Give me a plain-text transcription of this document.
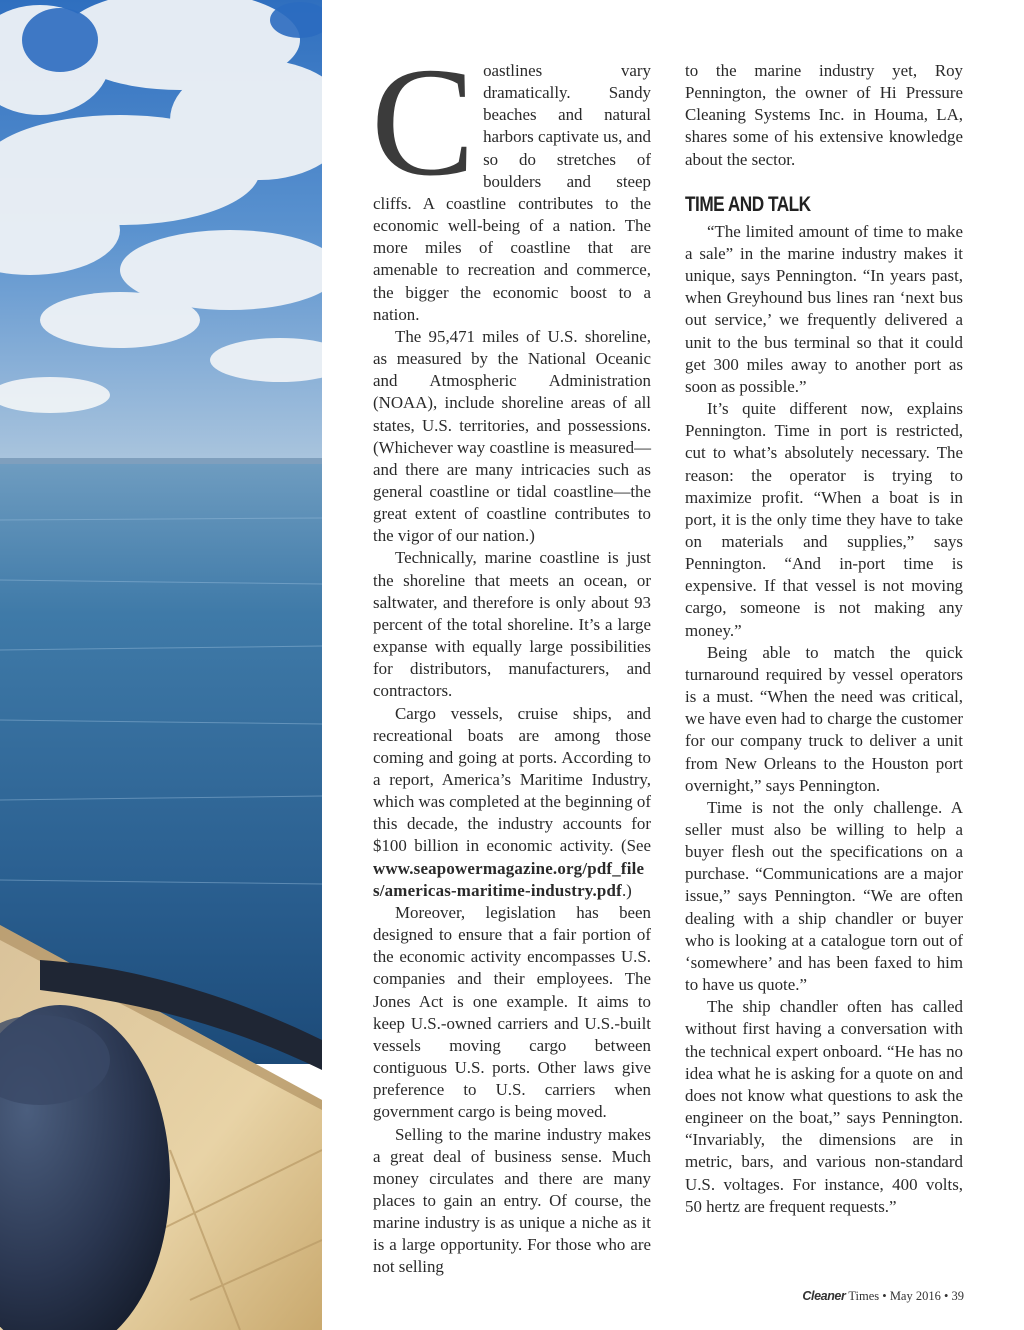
Coastlines vary dramatically. Sandy beaches and natural harbors captivate us, and so do stretches of boulders and steep cliffs. A coastline contributes to the economic well-being of a nation. The more miles of coastline that are amenable to recreation and commerce, the bigger the economic boost to a nation.

The 95,471 miles of U.S. shoreline, as measured by the National Oceanic and Atmospheric Administration (NOAA), include shoreline areas of all states, U.S. territories, and possessions. (Whichever way coastline is measured—and there are many intricacies such as general coastline or tidal coastline—the great extent of coastline contributes to the vigor of our nation.)

Technically, marine coastline is just the shoreline that meets an ocean, or saltwater, and therefore is only about 93 percent of the total shoreline. It’s a large expanse with equally large possibilities for distributors, manufacturers, and contractors.

Cargo vessels, cruise ships, and recreational boats are among those coming and going at ports. According to a report, America’s Maritime Industry, which was completed at the beginning of this decade, the industry accounts for $100 billion in economic activity. (See www.seapowermagazine.org/pdf_files/americas-maritime-industry.pdf.)

Moreover, legislation has been designed to ensure that a fair portion of the economic activity encompasses U.S. companies and their employees. The Jones Act is one example. It aims to keep U.S.-owned carriers and U.S.-built vessels moving cargo between contiguous U.S. ports. Other laws give preference to U.S. carriers when government cargo is being moved.

Selling to the marine industry makes a great deal of business sense. Much money circulates and there are many places to gain an entry. Of course, the marine industry is as unique a niche as it is a large opportunity. For those who are not selling

to the marine industry yet, Roy Pennington, the owner of Hi Pressure Cleaning Systems Inc. in Houma, LA, shares some of his extensive knowledge about the sector.

TIME AND TALK

“The limited amount of time to make a sale” in the marine industry makes it unique, says Pennington. “In years past, when Greyhound bus lines ran ‘next bus out service,’ we frequently delivered a unit to the bus terminal so that it could get 300 miles away to another port as soon as possible.”

It’s quite different now, explains Pennington. Time in port is restricted, cut to what’s absolutely necessary. The reason: the operator is trying to maximize profit. “When a boat is in port, it is the only time they have to take on materials and supplies,” says Pennington. “And in-port time is expensive. If that vessel is not moving cargo, someone is not making any money.”

Being able to match the quick turnaround required by vessel operators is a must. “When the need was critical, we have even had to charge the customer for our company truck to deliver a unit from New Orleans to the Houston port overnight,” says Pennington.

Time is not the only challenge. A seller must also be willing to help a buyer flesh out the specifications on a purchase. “Communications are a major issue,” says Pennington. “We are often dealing with a ship chandler or buyer who is looking at a catalogue torn out of ‘somewhere’ and has been faxed to him to have us quote.”

The ship chandler often has called without first having a conversation with the technical expert onboard. “He has no idea what he is asking for a quote on and does not know what questions to ask the engineer on the boat,” says Pennington. “Invariably, the dimensions are in metric, bars, and various non-standard U.S. voltages. For instance, 400 volts, 50 hertz are frequent requests.”

Cleaner Times • May 2016 • 39
